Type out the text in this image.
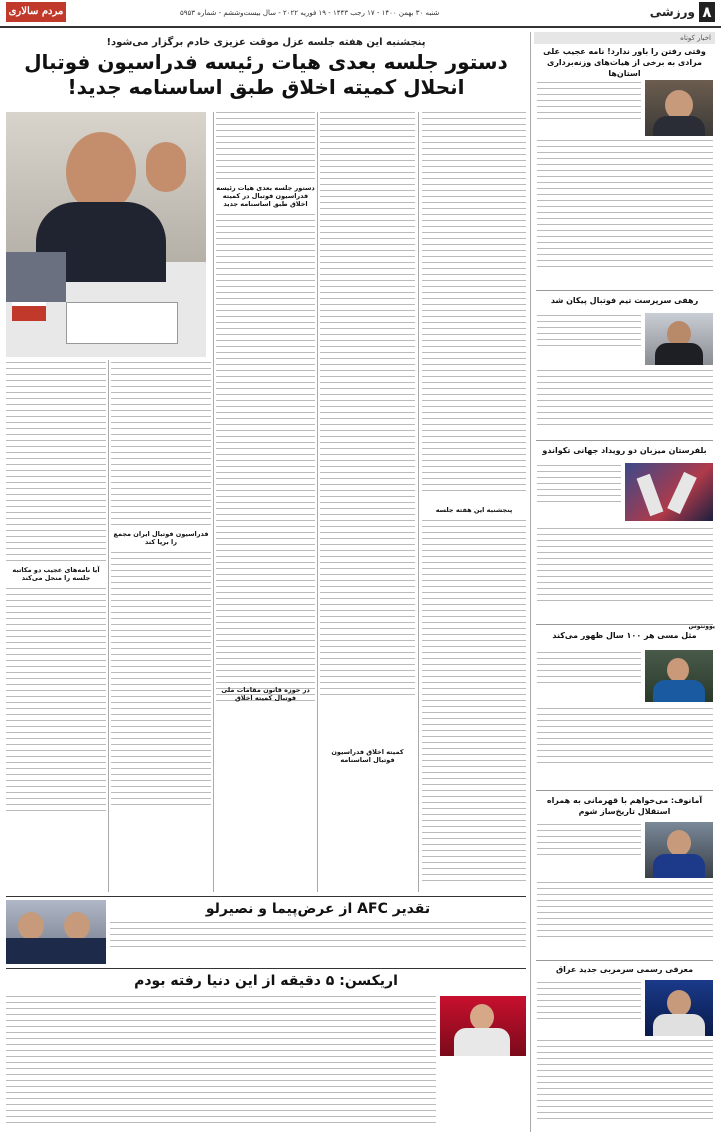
۸
ورزشی
شنبه ۳۰ بهمن ۱۴۰۰ - ۱۷ رجب ۱۴۴۳ - ۱۹ فوریه ۲۰۲۲ - سال بیست‌وششم - شماره ۵۹۵۳
مردم سالاری
اخبار کوتاه
وقتی رفتن را باور ندارد! نامه عجیب علی مرادی به برخی از هیات‌های وزنه‌برداری استان‌ها
رهفی سرپرست تیم فوتبال پیکان شد
بلفرستان میزبان دو رویداد جهانی تکواندو
یوونتوس
مثل مسی هر ۱۰۰ سال ظهور می‌کند
آمانوف: می‌خواهم با قهرمانی به همراه استقلال تاریخ‌ساز شوم
معرفی رسمی سرمربی جدید عراق
پنجشنبه این هفته جلسه عزل موقت عزیزی خادم برگزار می‌شود!
دستور جلسه بعدی هیات رئیسه فدراسیون فوتبال
انحلال کمیته اخلاق طبق اساسنامه جدید!
پنجشنبه این هفته جلسه
کمیته اخلاق فدراسیون فوتبال اساسنامه
دستور جلسه بعدی هیات رئیسه فدراسیون فوتبال در کمیته اخلاق طبق اساسنامه جدید
در حوزه قانون مقامات ملی فوتبال کمیته اخلاق
فدراسیون فوتبال ایران مجمع را برپا کند
آیا نامه‌های عجیب دو مکاتبه جلسه را منحل می‌کند
تقدیر AFC از عرض‌پیما و نصیرلو
اریکسن: ۵ دقیقه از این دنیا رفته بودم
